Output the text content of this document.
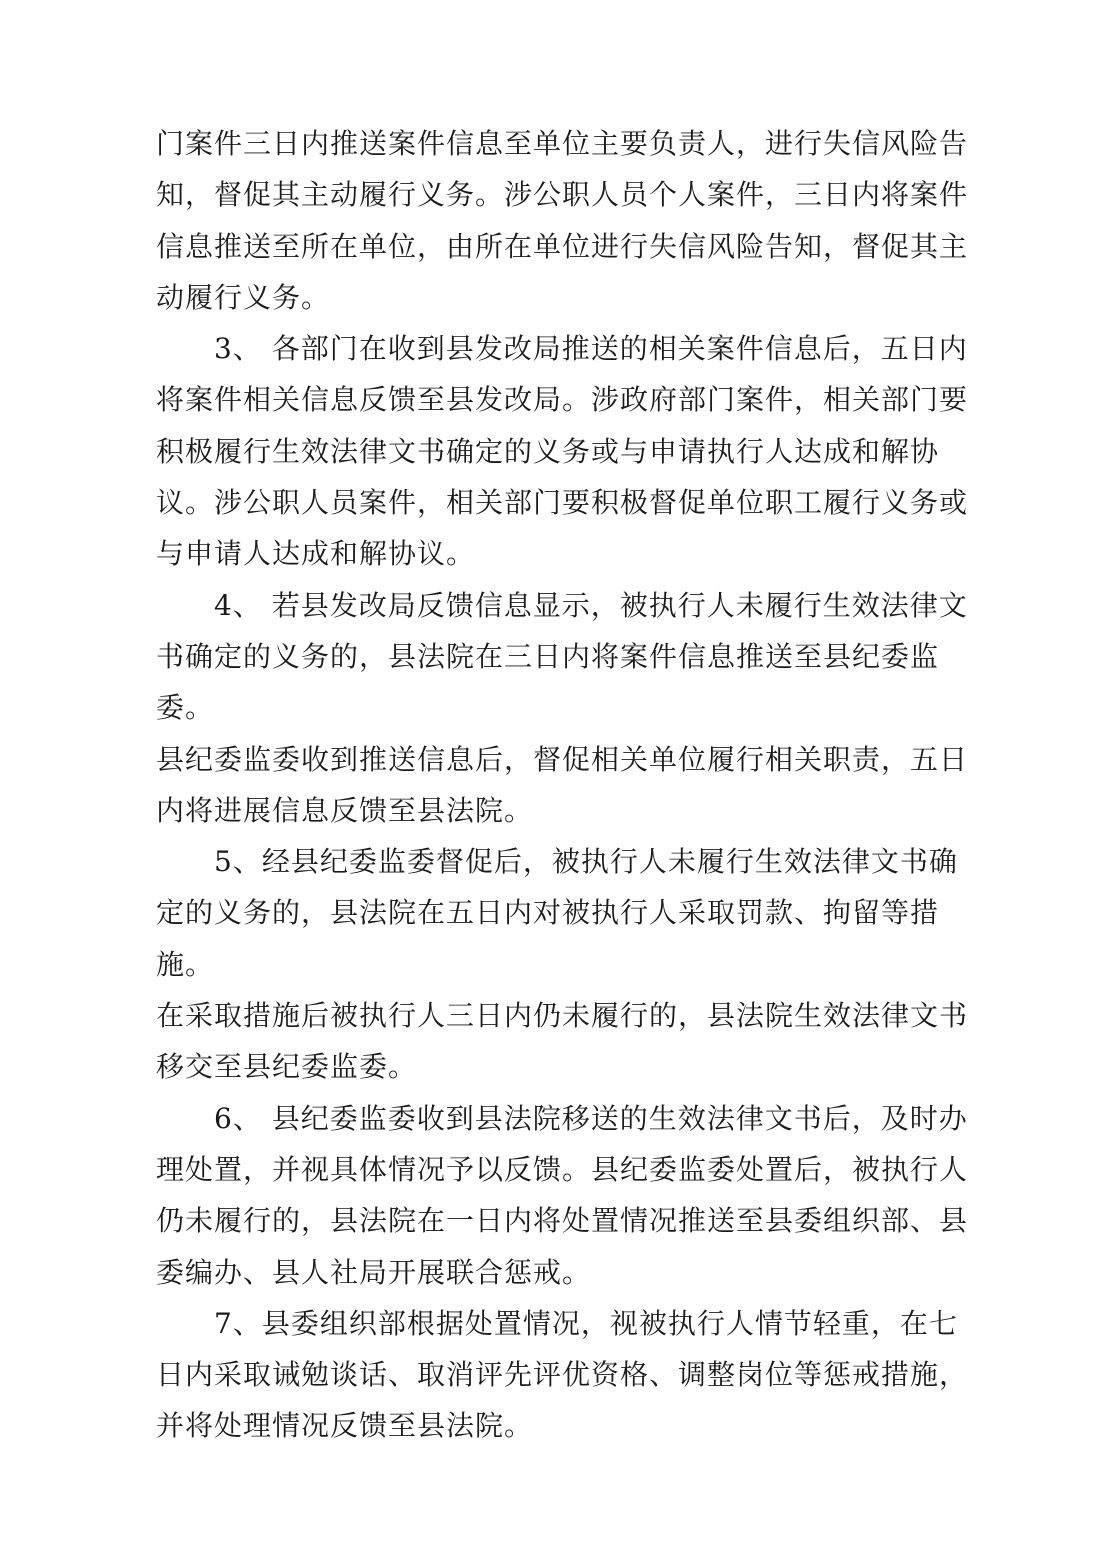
门案件三日内推送案件信息至单位主要负责人，进行失信风险告
知，督促其主动履行义务。涉公职人员个人案件，三日内将案件
信息推送至所在单位，由所在单位进行失信风险告知，督促其主
动履行义务。

3、 各部门在收到县发改局推送的相关案件信息后，五日内
将案件相关信息反馈至县发改局。涉政府部门案件，相关部门要
积极履行生效法律文书确定的义务或与申请执行人达成和解协
议。涉公职人员案件，相关部门要积极督促单位职工履行义务或
与申请人达成和解协议。

4、 若县发改局反馈信息显示，被执行人未履行生效法律文
书确定的义务的，县法院在三日内将案件信息推送至县纪委监委。
县纪委监委收到推送信息后，督促相关单位履行相关职责，五日
内将进展信息反馈至县法院。

5、经县纪委监委督促后，被执行人未履行生效法律文书确
定的义务的，县法院在五日内对被执行人采取罚款、拘留等措施。
在采取措施后被执行人三日内仍未履行的，县法院生效法律文书
移交至县纪委监委。

6、 县纪委监委收到县法院移送的生效法律文书后，及时办
理处置，并视具体情况予以反馈。县纪委监委处置后，被执行人
仍未履行的，县法院在一日内将处置情况推送至县委组织部、县
委编办、县人社局开展联合惩戒。

7、县委组织部根据处置情况，视被执行人情节轻重，在七
日内采取诫勉谈话、取消评先评优资格、调整岗位等惩戒措施，
并将处理情况反馈至县法院。
